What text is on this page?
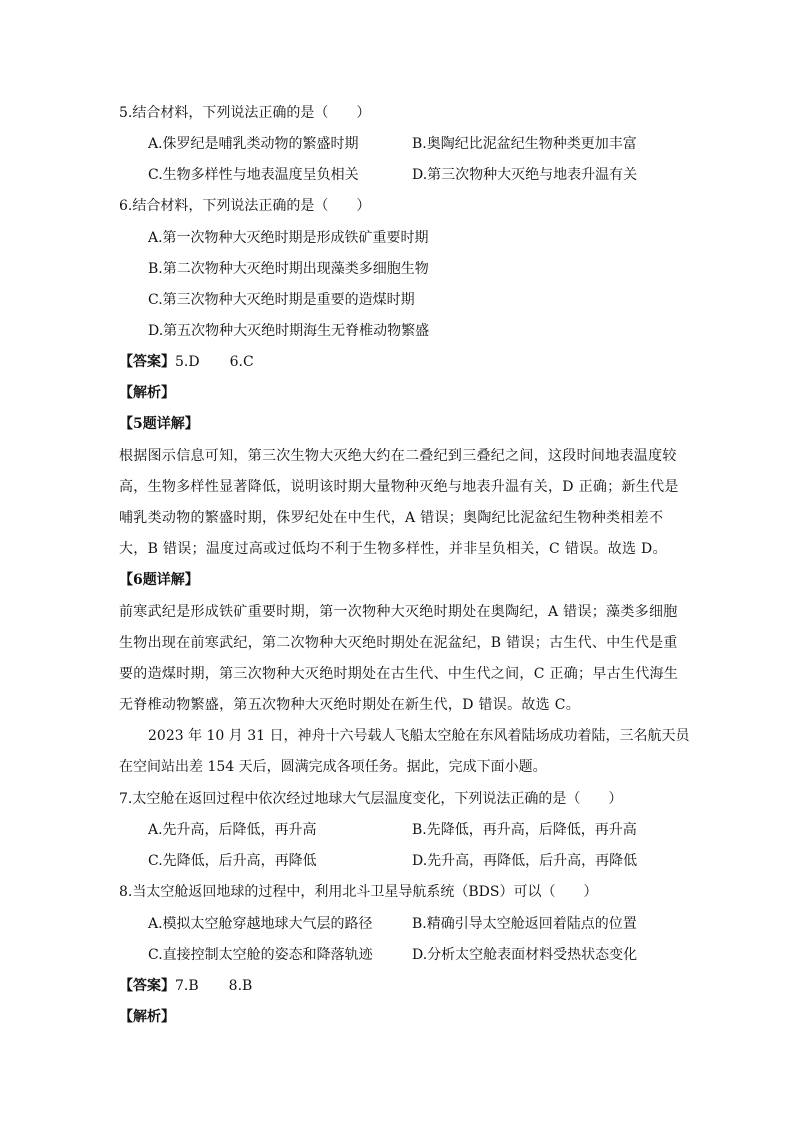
5.结合材料，下列说法正确的是（　　）
A.侏罗纪是哺乳类动物的繁盛时期	B.奥陶纪比泥盆纪生物种类更加丰富
C.生物多样性与地表温度呈负相关	D.第三次物种大灭绝与地表升温有关
6.结合材料，下列说法正确的是（　　）
A.第一次物种大灭绝时期是形成铁矿重要时期
B.第二次物种大灭绝时期出现藻类多细胞生物
C.第三次物种大灭绝时期是重要的造煤时期
D.第五次物种大灭绝时期海生无脊椎动物繁盛
【答案】5.D 6.C
【解析】
【5题详解】
根据图示信息可知，第三次生物大灭绝大约在二叠纪到三叠纪之间，这段时间地表温度较
高，生物多样性显著降低，说明该时期大量物种灭绝与地表升温有关，D 正确；新生代是
哺乳类动物的繁盛时期，侏罗纪处在中生代，A 错误；奥陶纪比泥盆纪生物种类相差不
大，B 错误；温度过高或过低均不利于生物多样性，并非呈负相关，C 错误。故选 D。
【6题详解】
前寒武纪是形成铁矿重要时期，第一次物种大灭绝时期处在奥陶纪，A 错误；藻类多细胞
生物出现在前寒武纪，第二次物种大灭绝时期处在泥盆纪，B 错误；古生代、中生代是重
要的造煤时期，第三次物种大灭绝时期处在古生代、中生代之间，C 正确；早古生代海生
无脊椎动物繁盛，第五次物种大灭绝时期处在新生代，D 错误。故选 C。
2023 年 10 月 31 日，神舟十六号载人飞船太空舱在东风着陆场成功着陆，三名航天员
在空间站出差 154 天后，圆满完成各项任务。据此，完成下面小题。
7.太空舱在返回过程中依次经过地球大气层温度变化，下列说法正确的是（　　）
A.先升高，后降低，再升高	B.先降低，再升高，后降低，再升高
C.先降低，后升高，再降低	D.先升高，再降低，后升高，再降低
8.当太空舱返回地球的过程中，利用北斗卫星导航系统（BDS）可以（　　）
A.模拟太空舱穿越地球大气层的路径	B.精确引导太空舱返回着陆点的位置
C.直接控制太空舱的姿态和降落轨迹	D.分析太空舱表面材料受热状态变化
【答案】7.B 8.B
【解析】
